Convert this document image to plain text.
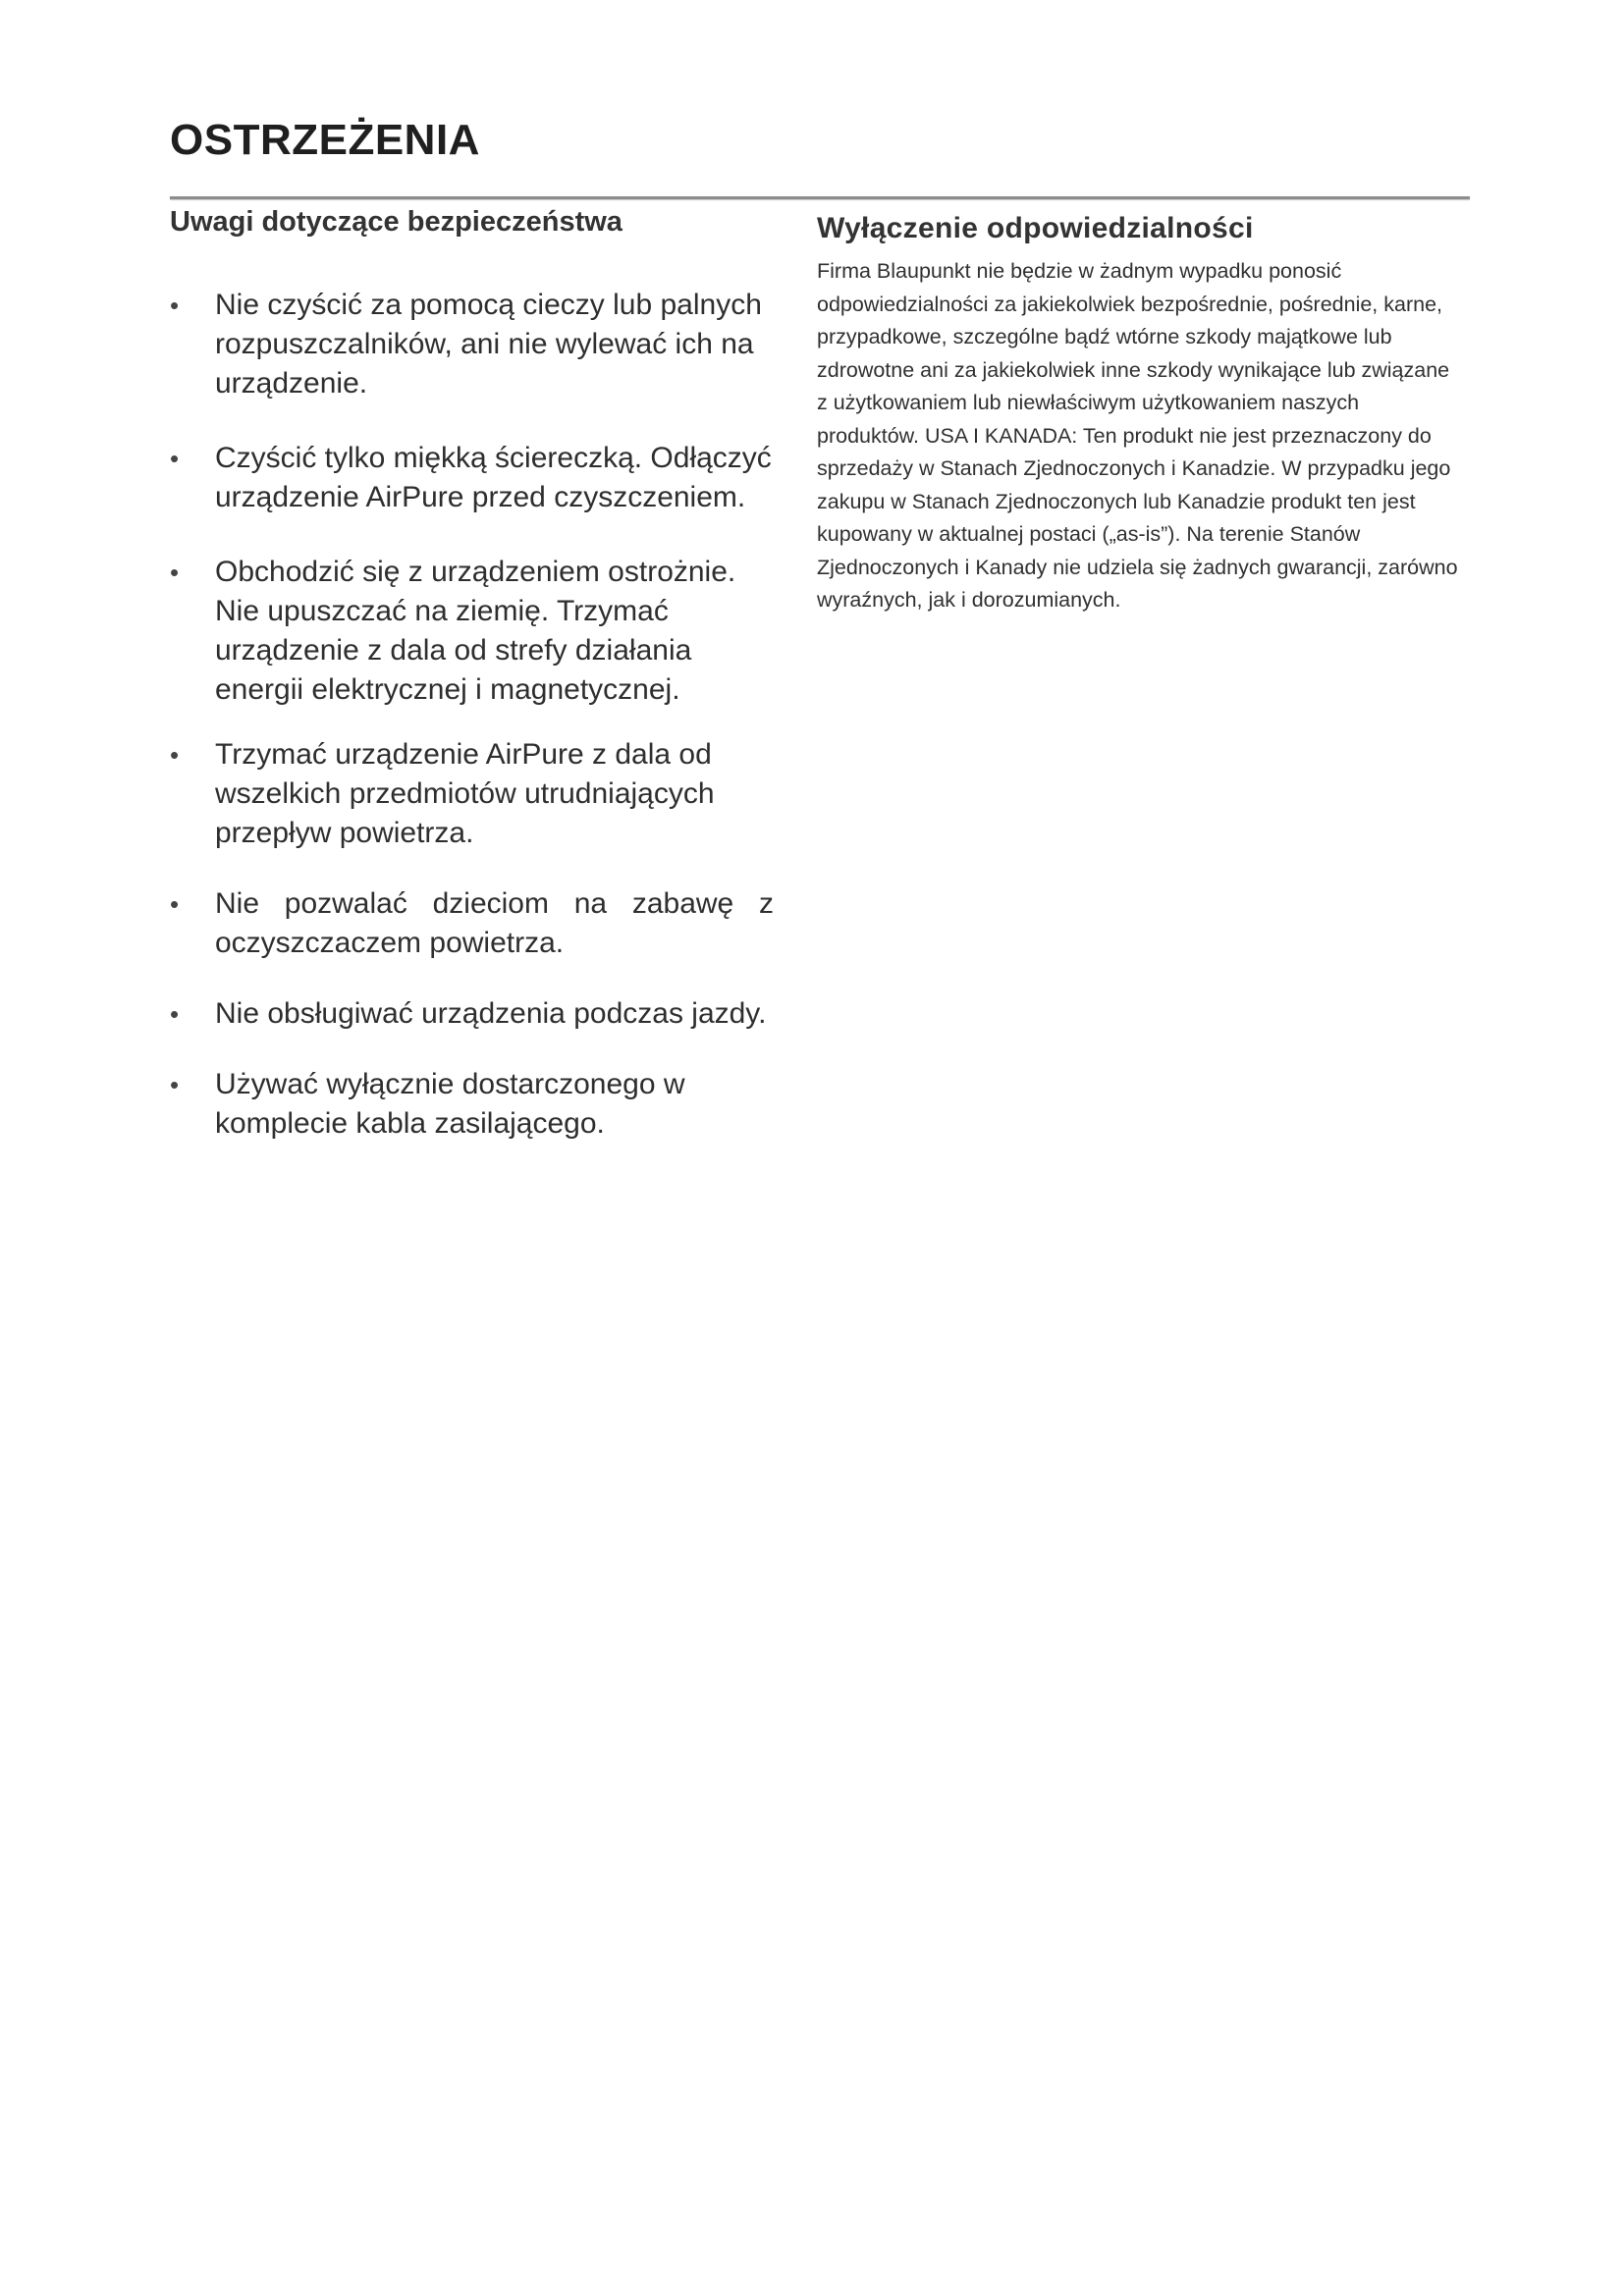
OSTRZEŻENIA
Uwagi dotyczące bezpieczeństwa
•	Nie czyścić za pomocą cieczy lub palnych rozpuszczalników, ani nie wylewać ich na urządzenie.
•	Czyścić tylko miękką ściereczką. Odłączyć urządzenie AirPure przed czyszczeniem.
•	Obchodzić się z urządzeniem ostrożnie. Nie upuszczać na ziemię. Trzymać urządzenie z dala od strefy działania energii elektrycznej i magnetycznej.
•	Trzymać urządzenie AirPure z dala od wszelkich przedmiotów utrudniających przepływ powietrza.
•	Nie pozwalać dzieciom na zabawę z oczyszczaczem powietrza.
•	Nie obsługiwać urządzenia podczas jazdy.
•	Używać wyłącznie dostarczonego w komplecie kabla zasilającego.
Wyłączenie odpowiedzialności

Firma Blaupunkt nie będzie w żadnym wypadku ponosić odpowiedzialności za jakiekolwiek bezpośrednie, pośrednie, karne, przypadkowe, szczególne bądź wtórne szkody majątkowe lub zdrowotne ani za jakiekolwiek inne szkody wynikające lub związane z użytkowaniem lub niewłaściwym użytkowaniem naszych produktów. USA I KANADA: Ten produkt nie jest przeznaczony do sprzedaży w Stanach Zjednoczonych i Kanadzie. W przypadku jego zakupu w Stanach Zjednoczonych lub Kanadzie produkt ten jest kupowany w aktualnej postaci („as-is”). Na terenie Stanów Zjednoczonych i Kanady nie udziela się żadnych gwarancji, zarówno wyraźnych, jak i dorozumianych.
